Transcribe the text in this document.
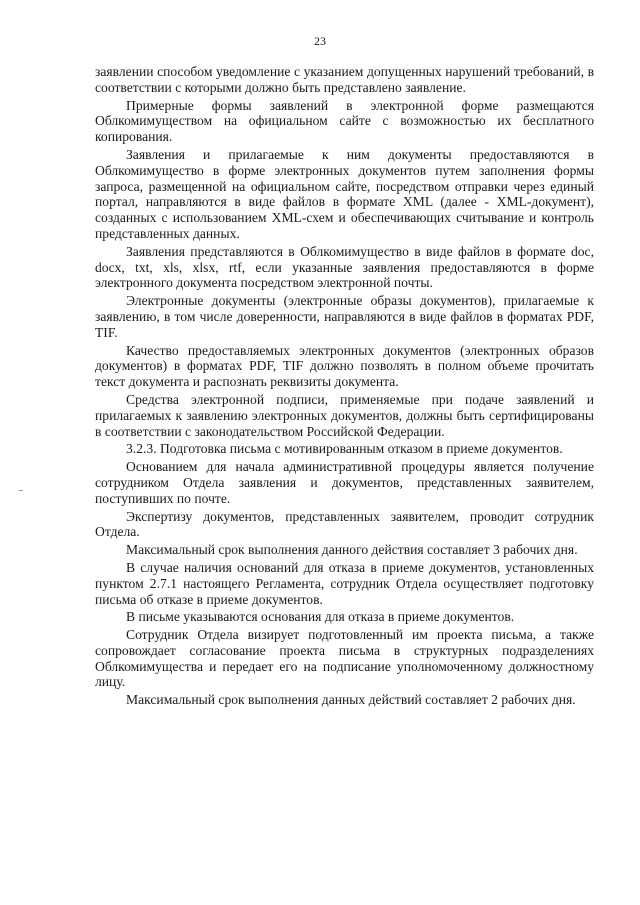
23

заявлении способом уведомление с указанием допущенных нарушений требований, в соответствии с которыми должно быть представлено заявление.

Примерные формы заявлений в электронной форме размещаются Облкомимуществом на официальном сайте с возможностью их бесплатного копирования.

Заявления и прилагаемые к ним документы предоставляются в Облкомимущество в форме электронных документов путем заполнения формы запроса, размещенной на официальном сайте, посредством отправки через единый портал, направляются в виде файлов в формате XML (далее - XML-документ), созданных с использованием XML-схем и обеспечивающих считывание и контроль представленных данных.

Заявления представляются в Облкомимущество в виде файлов в формате doc, docx, txt, xls, xlsx, rtf, если указанные заявления предоставляются в форме электронного документа посредством электронной почты.

Электронные документы (электронные образы документов), прилагаемые к заявлению, в том числе доверенности, направляются в виде файлов в форматах PDF, TIF.

Качество предоставляемых электронных документов (электронных образов документов) в форматах PDF, TIF должно позволять в полном объеме прочитать текст документа и распознать реквизиты документа.

Средства электронной подписи, применяемые при подаче заявлений и прилагаемых к заявлению электронных документов, должны быть сертифицированы в соответствии с законодательством Российской Федерации.

3.2.3. Подготовка письма с мотивированным отказом в приеме документов.

Основанием для начала административной процедуры является получение сотрудником Отдела заявления и документов, представленных заявителем, поступивших по почте.

Экспертизу документов, представленных заявителем, проводит сотрудник Отдела.

Максимальный срок выполнения данного действия составляет 3 рабочих дня.

В случае наличия оснований для отказа в приеме документов, установленных пунктом 2.7.1 настоящего Регламента, сотрудник Отдела осуществляет подготовку письма об отказе в приеме документов.

В письме указываются основания для отказа в приеме документов.

Сотрудник Отдела визирует подготовленный им проекта письма, а также сопровождает согласование проекта письма в структурных подразделениях Облкомимущества и передает его на подписание уполномоченному должностному лицу.

Максимальный срок выполнения данных действий составляет 2 рабочих дня.
